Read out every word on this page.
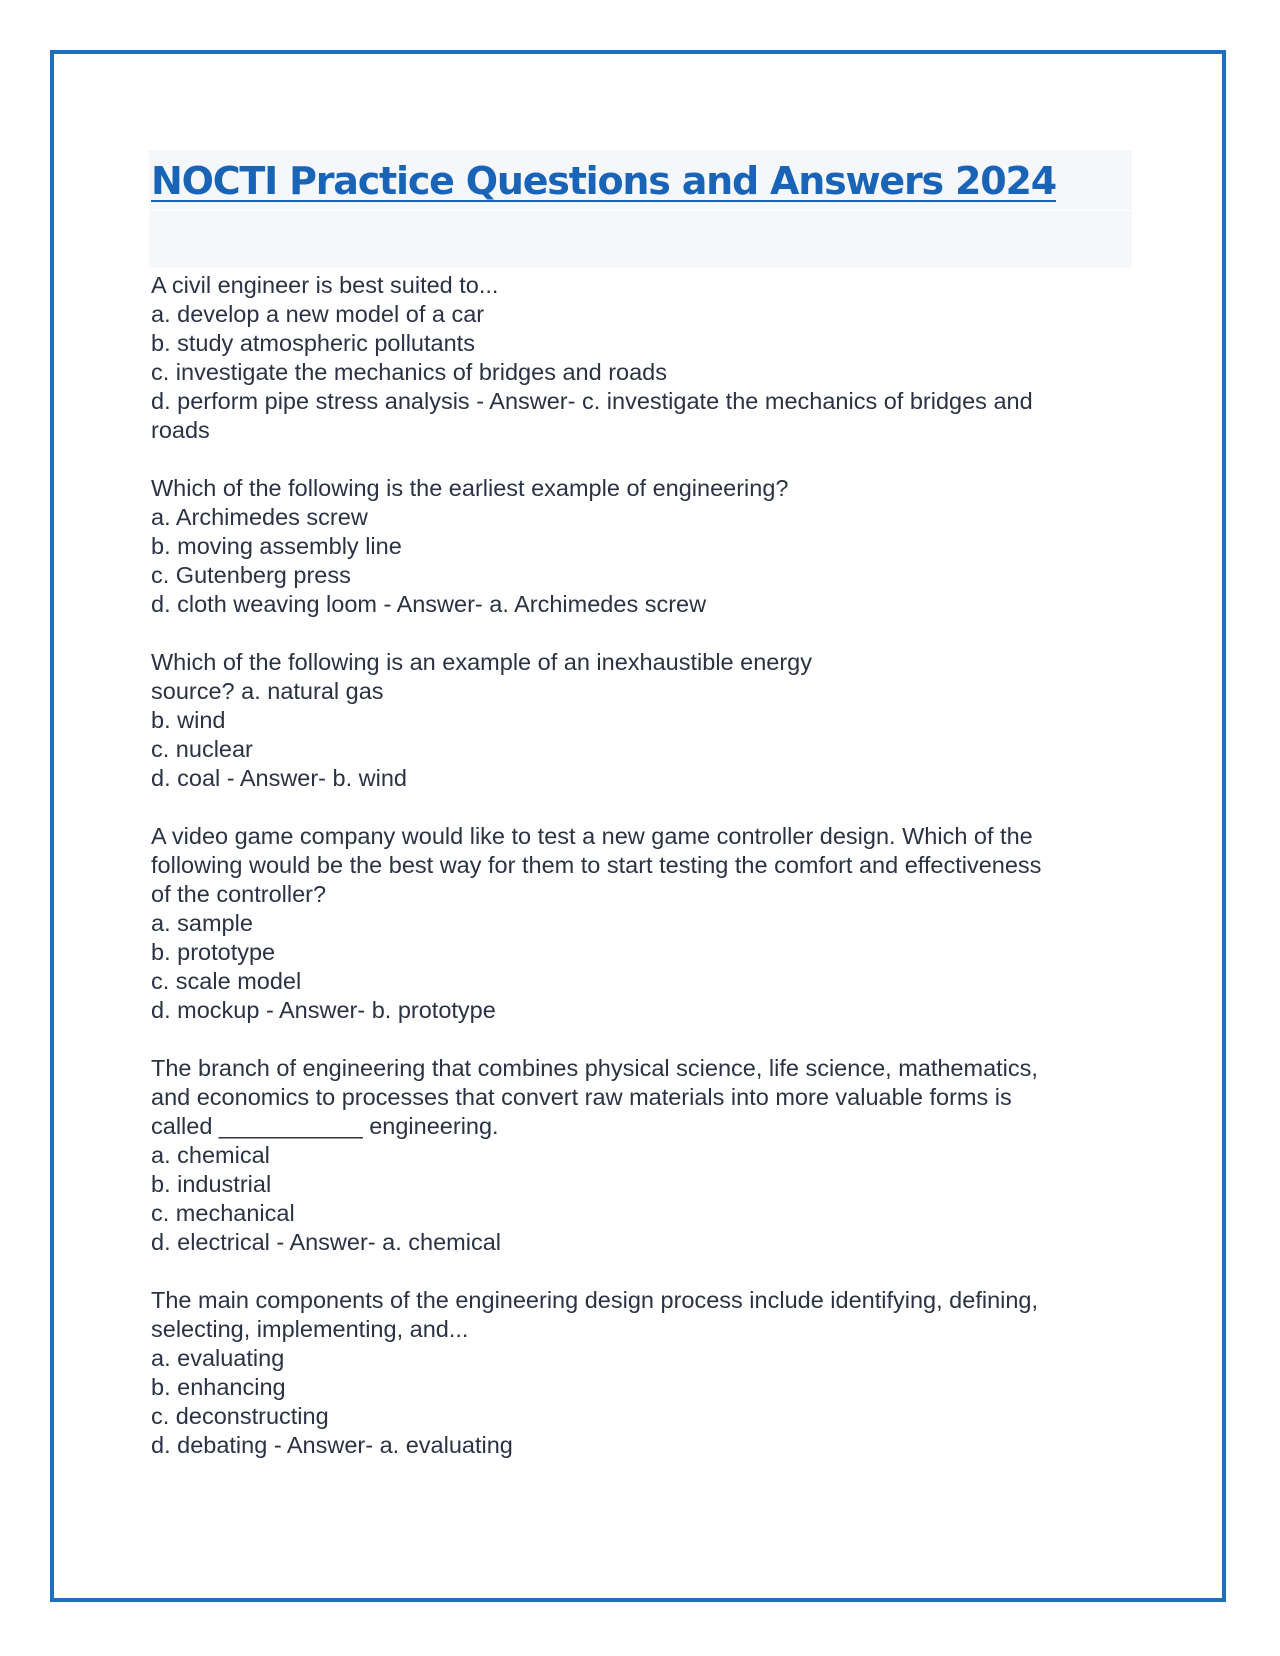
NOCTI Practice Questions and Answers 2024
A civil engineer is best suited to...
a. develop a new model of a car
b. study atmospheric pollutants
c. investigate the mechanics of bridges and roads
d. perform pipe stress analysis - Answer- c. investigate the mechanics of bridges and
roads
Which of the following is the earliest example of engineering?
a. Archimedes screw
b. moving assembly line
c. Gutenberg press
d. cloth weaving loom - Answer- a. Archimedes screw
Which of the following is an example of an inexhaustible energy
source? a. natural gas
b. wind
c. nuclear
d. coal - Answer- b. wind
A video game company would like to test a new game controller design. Which of the
following would be the best way for them to start testing the comfort and effectiveness
of the controller?
a. sample
b. prototype
c. scale model
d. mockup - Answer- b. prototype
The branch of engineering that combines physical science, life science, mathematics,
and economics to processes that convert raw materials into more valuable forms is
called ___________ engineering.
a. chemical
b. industrial
c. mechanical
d. electrical - Answer- a. chemical
The main components of the engineering design process include identifying, defining,
selecting, implementing, and...
a. evaluating
b. enhancing
c. deconstructing
d. debating - Answer- a. evaluating
